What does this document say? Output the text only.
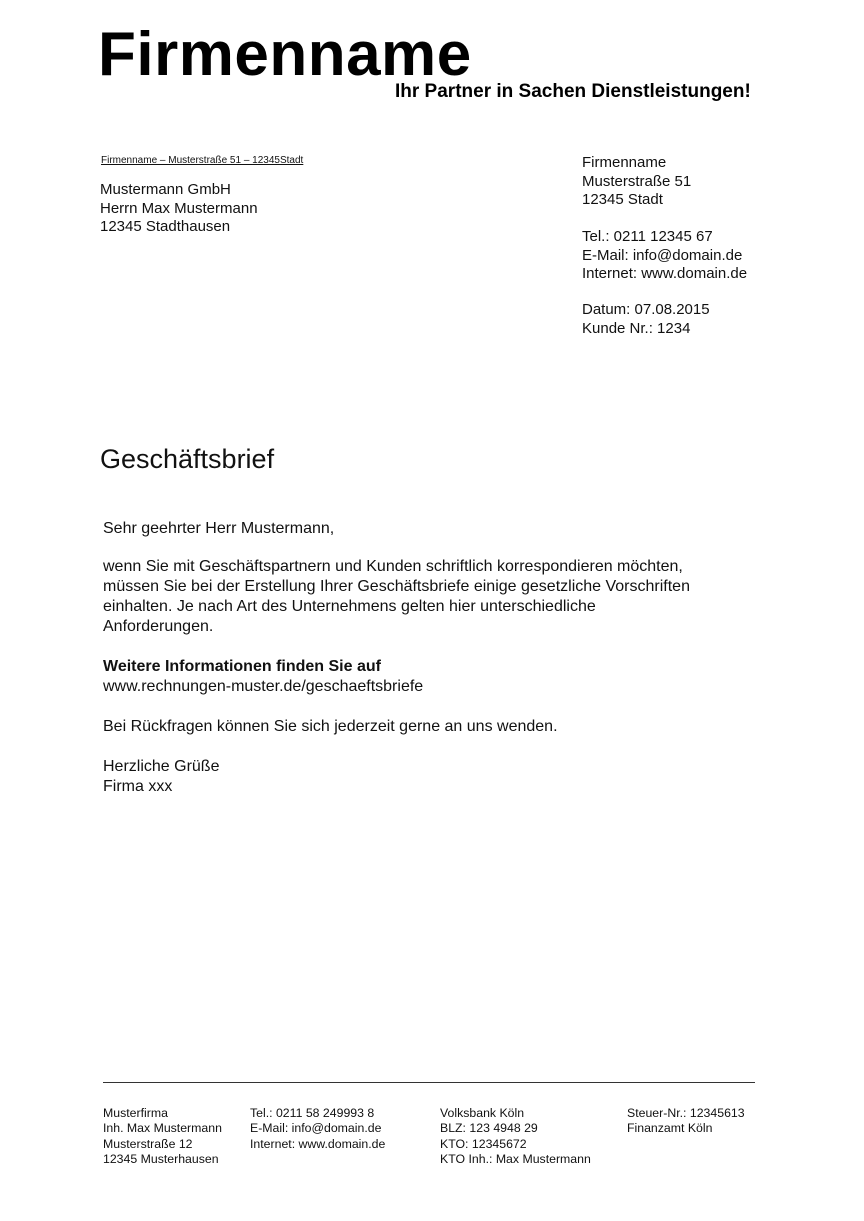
Firmenname
Ihr Partner in Sachen Dienstleistungen!
Firmenname – Musterstraße 51 – 12345Stadt
Mustermann GmbH
Herrn Max Mustermann
12345 Stadthausen
Firmenname
Musterstraße 51
12345 Stadt
Tel.: 0211 12345 67
E-Mail: info@domain.de
Internet: www.domain.de
Datum: 07.08.2015
Kunde Nr.: 1234
Geschäftsbrief
Sehr geehrter Herr Mustermann,
wenn Sie mit Geschäftspartnern und Kunden schriftlich korrespondieren möchten,
müssen Sie bei der Erstellung Ihrer Geschäftsbriefe einige gesetzliche Vorschriften
einhalten. Je nach Art des Unternehmens gelten hier unterschiedliche
Anforderungen.
Weitere Informationen finden Sie auf
www.rechnungen-muster.de/geschaeftsbriefe
Bei Rückfragen können Sie sich jederzeit gerne an uns wenden.
Herzliche Grüße
Firma xxx
Musterfirma
Inh. Max Mustermann
Musterstraße 12
12345 Musterhausen
Tel.: 0211 58 249993 8
E-Mail: info@domain.de
Internet: www.domain.de
Volksbank Köln
BLZ: 123 4948 29
KTO: 12345672
KTO Inh.: Max Mustermann
Steuer-Nr.: 12345613
Finanzamt Köln
